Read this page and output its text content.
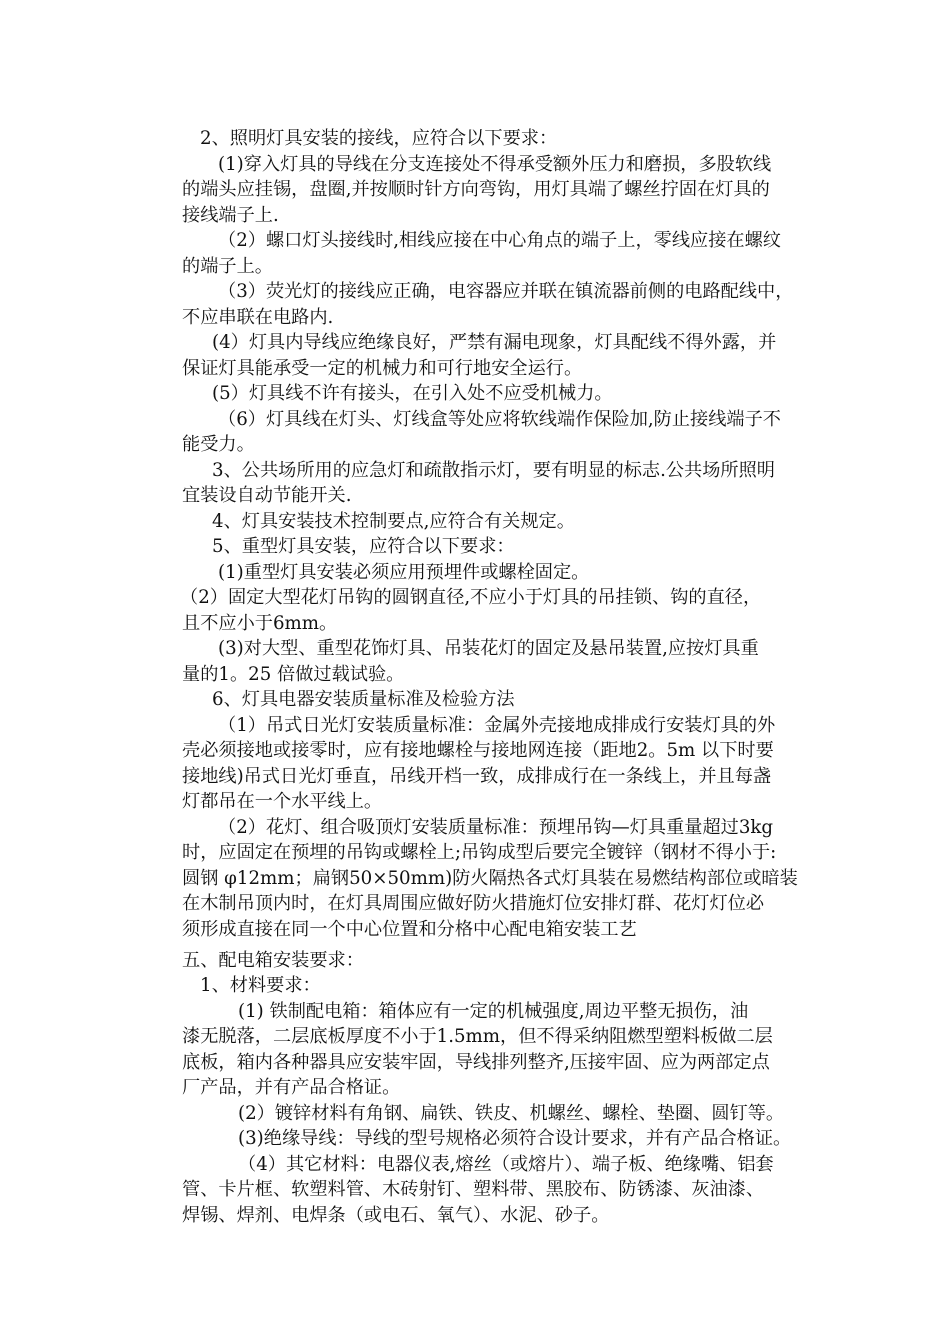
2、照明灯具安装的接线，应符合以下要求：
(1)穿入灯具的导线在分支连接处不得承受额外压力和磨损，多股软线
的端头应挂锡，盘圈,并按顺时针方向弯钩，用灯具端了螺丝拧固在灯具的
接线端子上.
（2）螺口灯头接线时,相线应接在中心角点的端子上，零线应接在螺纹
的端子上。
（3）荧光灯的接线应正确，电容器应并联在镇流器前侧的电路配线中，
不应串联在电路内.
(4）灯具内导线应绝缘良好，严禁有漏电现象，灯具配线不得外露，并
保证灯具能承受一定的机械力和可行地安全运行。
(5）灯具线不许有接头，在引入处不应受机械力。
（6）灯具线在灯头、灯线盒等处应将软线端作保险加,防止接线端子不
能受力。
3、公共场所用的应急灯和疏散指示灯，要有明显的标志.公共场所照明
宜装设自动节能开关.
4、灯具安装技术控制要点,应符合有关规定。
5、重型灯具安装，应符合以下要求：
(1)重型灯具安装必须应用预埋件或螺栓固定。
（2）固定大型花灯吊钩的圆钢直径,不应小于灯具的吊挂锁、钩的直径，
且不应小于6mm。
(3)对大型、重型花饰灯具、吊装花灯的固定及悬吊装置,应按灯具重
量的1。25 倍做过载试验。
6、灯具电器安装质量标准及检验方法
（1）吊式日光灯安装质量标准：金属外壳接地成排成行安装灯具的外
壳必须接地或接零时，应有接地螺栓与接地网连接（距地2。5m 以下时要
接地线)吊式日光灯垂直，吊线开档一致，成排成行在一条线上，并且每盏
灯都吊在一个水平线上。
（2）花灯、组合吸顶灯安装质量标准：预埋吊钩—灯具重量超过3kg
时，应固定在预埋的吊钩或螺栓上;吊钩成型后要完全镀锌（钢材不得小于:
圆钢 φ12mm；扁钢50×50mm)防火隔热各式灯具装在易燃结构部位或暗装
在木制吊顶内时，在灯具周围应做好防火措施灯位安排灯群、花灯灯位必
须形成直接在同一个中心位置和分格中心配电箱安装工艺
五、配电箱安装要求：
1、材料要求：
(1) 铁制配电箱：箱体应有一定的机械强度,周边平整无损伤，油
漆无脱落，二层底板厚度不小于1.5mm，但不得采纳阻燃型塑料板做二层
底板，箱内各种器具应安装牢固，导线排列整齐,压接牢固、应为两部定点
厂产品，并有产品合格证。
(2）镀锌材料有角钢、扁铁、铁皮、机螺丝、螺栓、垫圈、圆钉等。
(3)绝缘导线：导线的型号规格必须符合设计要求，并有产品合格证。
（4）其它材料：电器仪表,熔丝（或熔片）、端子板、绝缘嘴、铝套
管、卡片框、软塑料管、木砖射钉、塑料带、黑胶布、防锈漆、灰油漆、
焊锡、焊剂、电焊条（或电石、氧气）、水泥、砂子。
